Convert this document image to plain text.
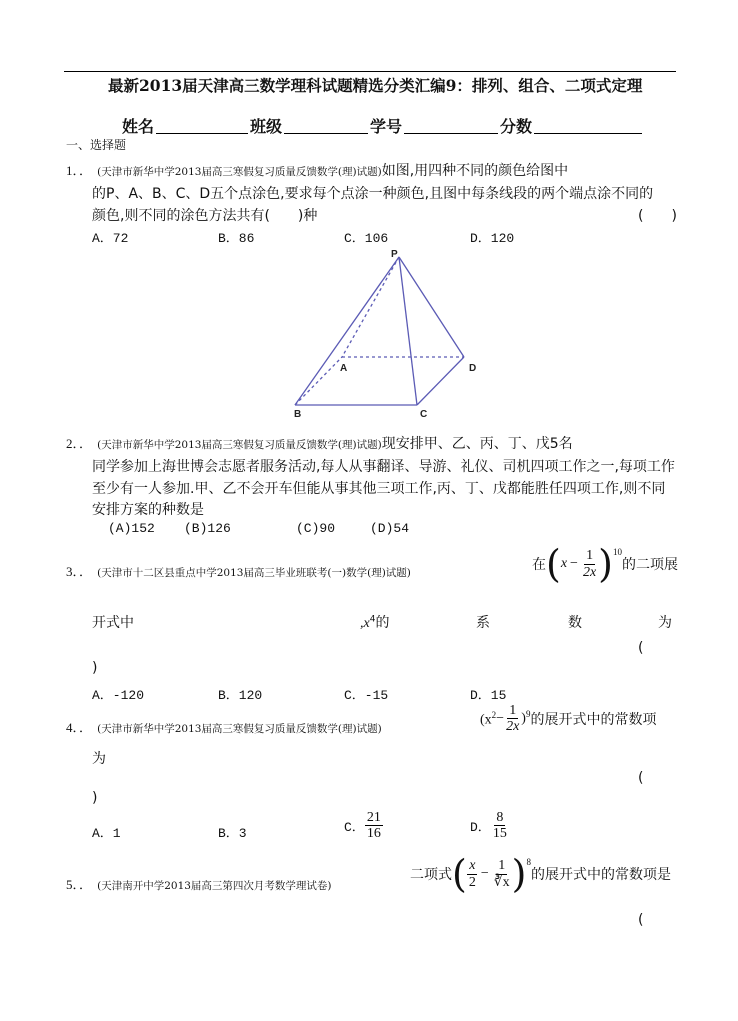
最新2013届天津高三数学理科试题精选分类汇编9：排列、组合、二项式定理
姓名	班级	学号	分数
一、选择题
1．． (天津市新华中学2013届高三寒假复习质量反馈数学(理)试题)如图,用四种不同的颜色给图中
的P、A、B、C、D五个点涂色,要求每个点涂一种颜色,且图中每条线段的两个端点涂不同的
颜色,则不同的涂色方法共有(　　)种	(　　)
A．72	B．86	C．106	D．120
P
A
B	C
D
2．． (天津市新华中学2013届高三寒假复习质量反馈数学(理)试题)现安排甲、乙、丙、丁、戊5名
同学参加上海世博会志愿者服务活动,每人从事翻译、导游、礼仪、司机四项工作之一,每项工作
至少有一人参加.甲、乙不会开车但能从事其他三项工作,丙、丁、戊都能胜任四项工作,则不同
安排方案的种数是
(A)152 (B)126	(C)90	(D)54
3．． (天津市十二区县重点中学2013届高三毕业班联考(一)数学(理)试题)	在 ( $x - \frac{1}{2x}$ ) 10
的二项展
开式中	$,x^4$的	系	数	为
(
)
A．-120	B．120	C．-15	D．15
4．． (天津市新华中学2013届高三寒假复习质量反馈数学(理)试题)
($x^2 - \frac{1}{2x}$ ) 9 的展开式中的常数项
为
(
)
A．1	B．3	C． $\frac{21}{16}$	D． $\frac{8}{15}$
5．． (天津南开中学2013届高三第四次月考数学理试卷)
二项式 ( $\frac{x}{2} - \frac{1}{∛x}$ ) 8
的展开式中的常数项是
(
